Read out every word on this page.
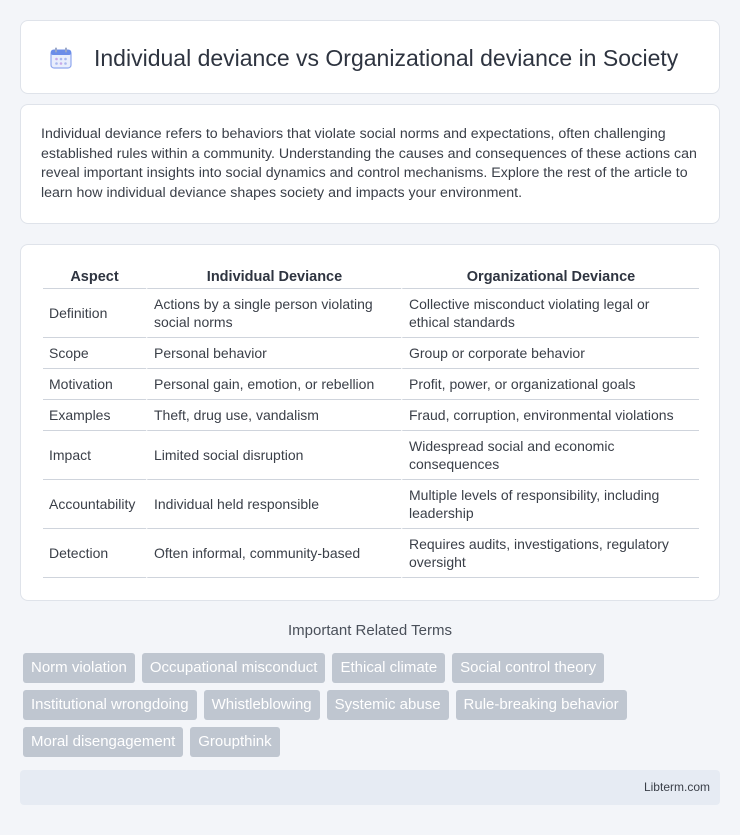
Individual deviance vs Organizational deviance in Society

Individual deviance refers to behaviors that violate social norms and expectations, often challenging established rules within a community. Understanding the causes and consequences of these actions can reveal important insights into social dynamics and control mechanisms. Explore the rest of the article to learn how individual deviance shapes society and impacts your environment.

Aspect	Individual Deviance	Organizational Deviance
Definition	Actions by a single person violating social norms	Collective misconduct violating legal or ethical standards
Scope	Personal behavior	Group or corporate behavior
Motivation	Personal gain, emotion, or rebellion	Profit, power, or organizational goals
Examples	Theft, drug use, vandalism	Fraud, corruption, environmental violations
Impact	Limited social disruption	Widespread social and economic consequences
Accountability	Individual held responsible	Multiple levels of responsibility, including leadership
Detection	Often informal, community-based	Requires audits, investigations, regulatory oversight
Important Related Terms
Norm violation	Occupational misconduct	Ethical climate	Social control theory
Institutional wrongdoing	Whistleblowing	Systemic abuse	Rule-breaking behavior
Moral disengagement	Groupthink
Libterm.com
